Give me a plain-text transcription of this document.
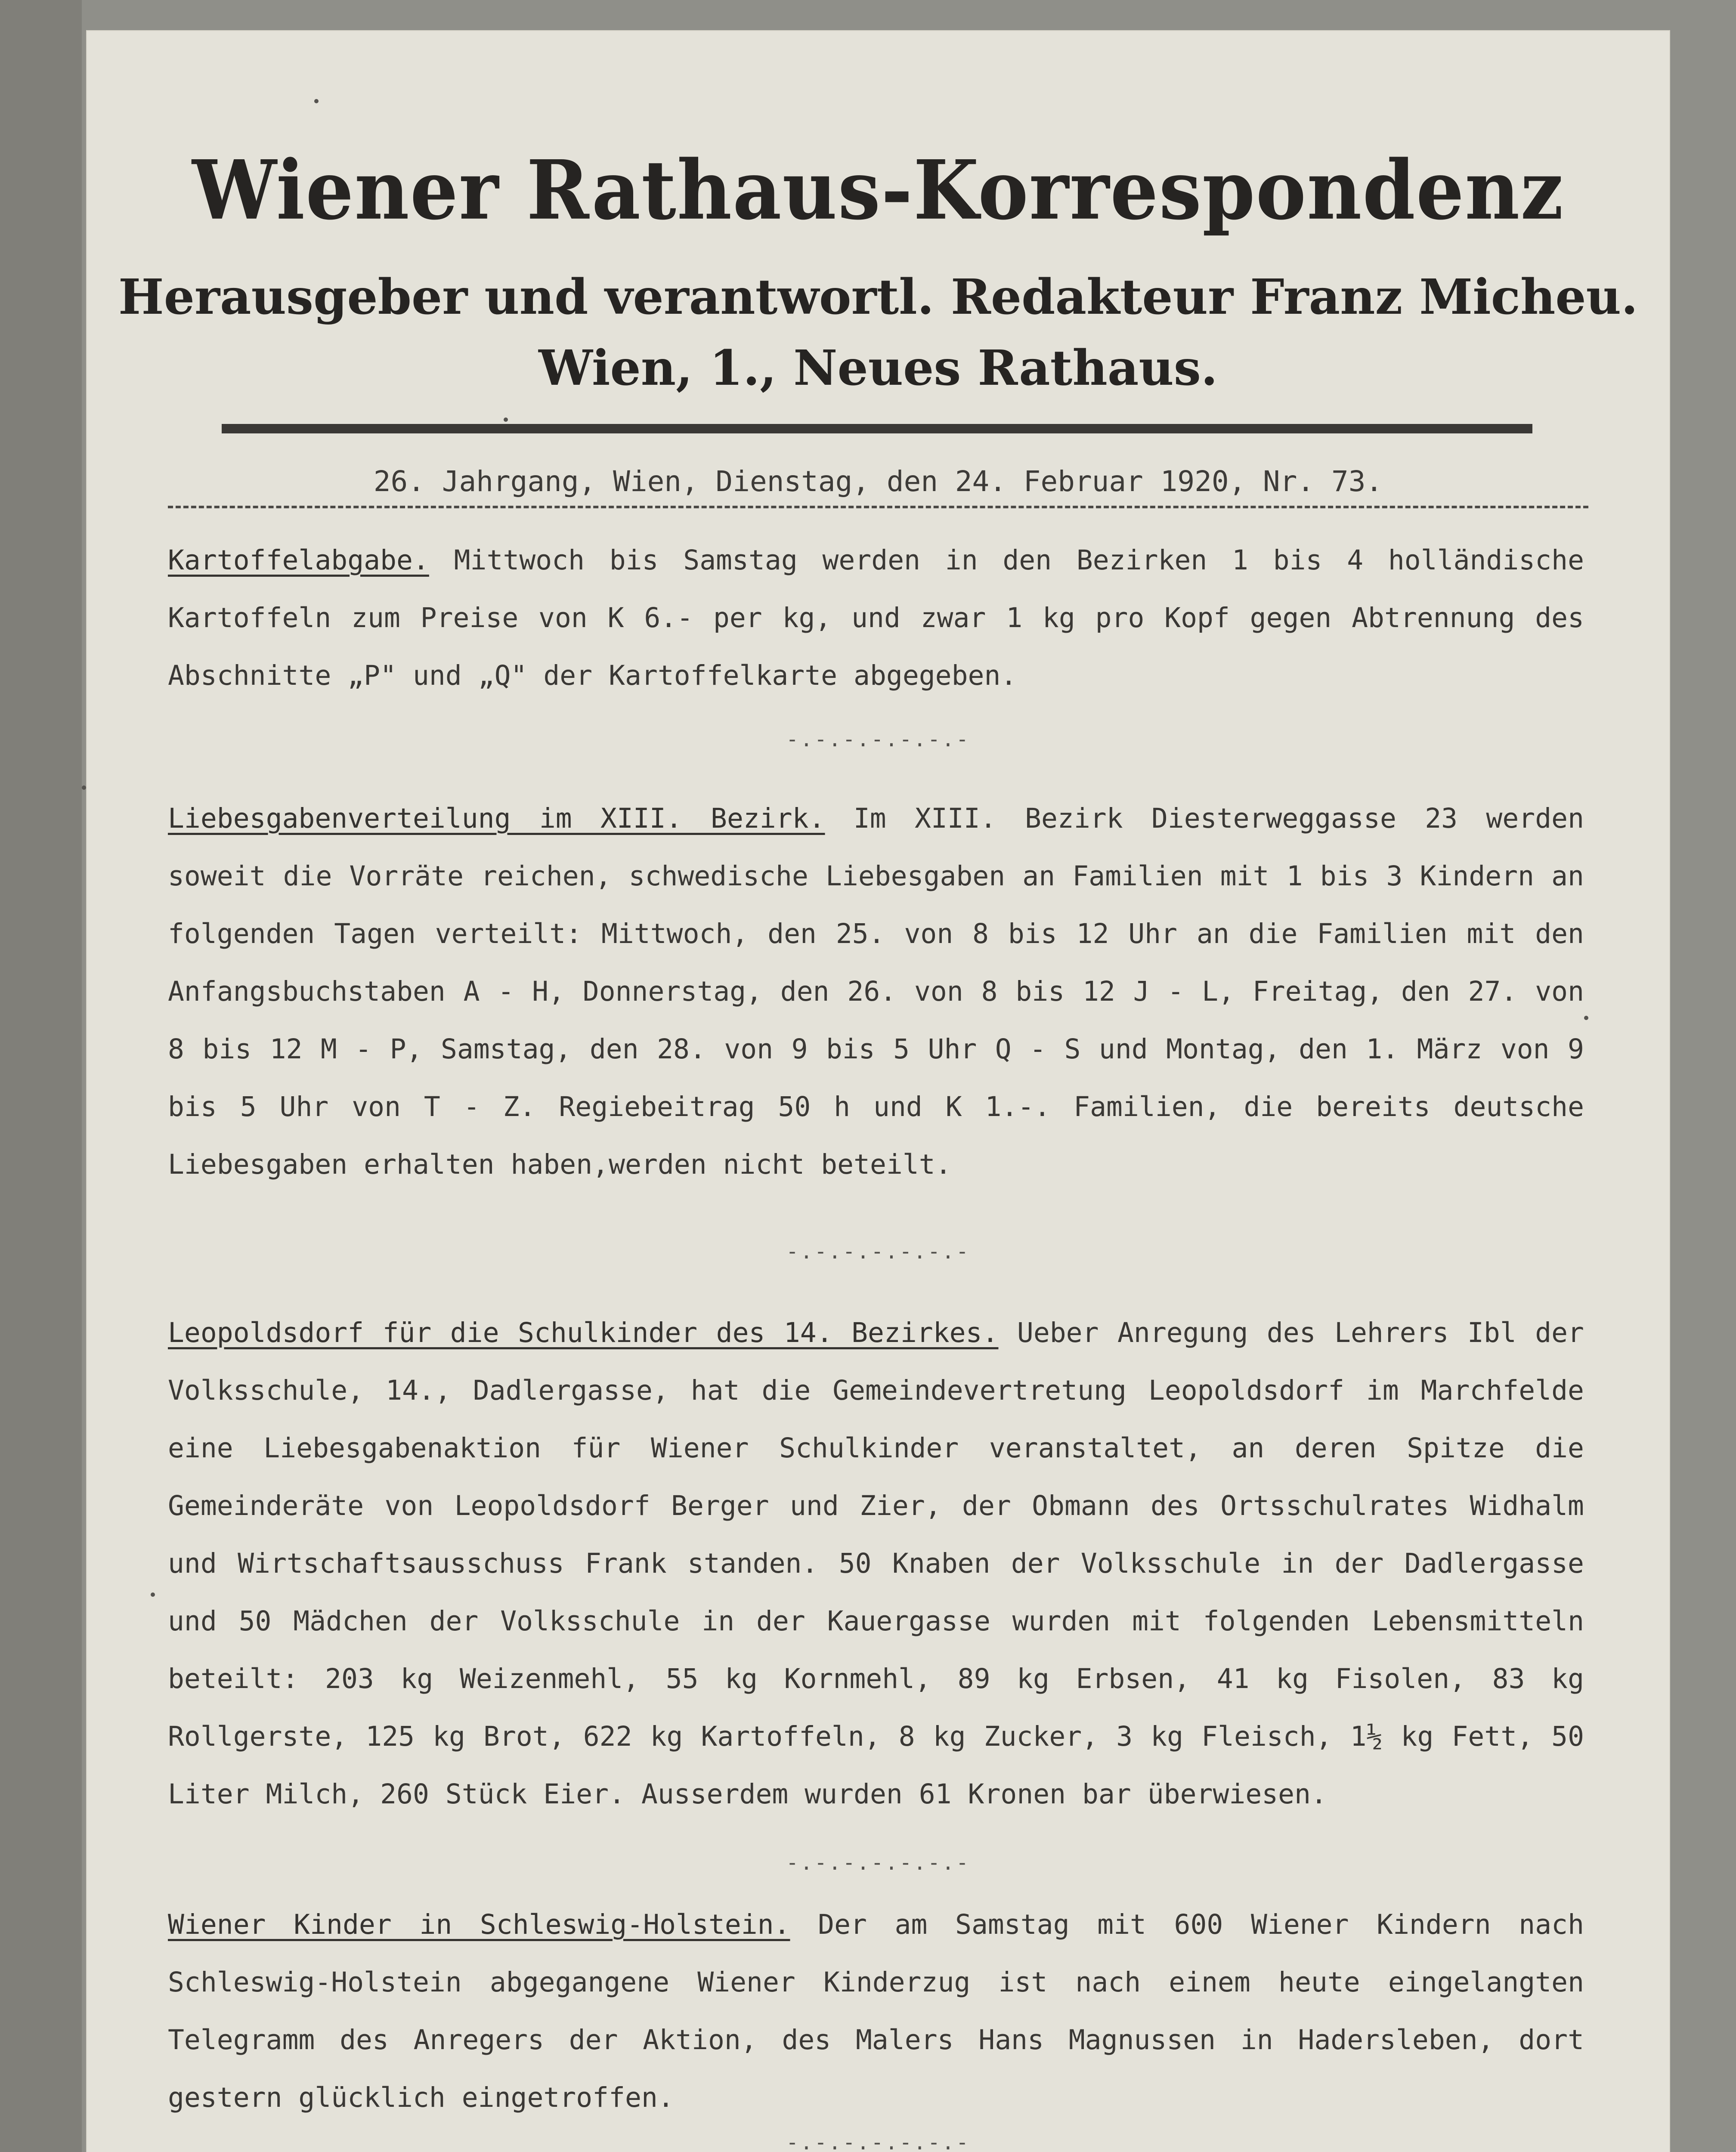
Wiener Rathaus-Korrespondenz
Herausgeber und verantwortl. Redakteur Franz Micheu.
Wien, 1., Neues Rathaus.
26. Jahrgang, Wien, Dienstag, den 24. Februar 1920, Nr. 73.

Kartoffelabgabe. Mittwoch bis Samstag werden in den Bezirken 1 bis 4 holländische Kartoffeln zum Preise von K 6.- per kg, und zwar 1 kg pro Kopf gegen Abtrennung des Abschnitte „P" und „Q" der Kartoffelkarte abgegeben.

-.-.-.-.-.-.-

Liebesgabenverteilung im XIII. Bezirk. Im XIII. Bezirk Diesterweggasse 23 werden soweit die Vorräte reichen, schwedische Liebesgaben an Familien mit 1 bis 3 Kindern an folgenden Tagen verteilt: Mittwoch, den 25. von 8 bis 12 Uhr an die Familien mit den Anfangsbuchstaben A - H, Donnerstag, den 26. von 8 bis 12 J - L, Freitag, den 27. von 8 bis 12 M - P, Samstag, den 28. von 9 bis 5 Uhr Q - S und Montag, den 1. März von 9 bis 5 Uhr von T - Z. Regiebeitrag 50 h und K 1.-. Familien, die bereits deutsche Liebesgaben erhalten haben,werden nicht beteilt.

-.-.-.-.-.-.-

Leopoldsdorf für die Schulkinder des 14. Bezirkes. Ueber Anregung des Lehrers Ibl der Volksschule, 14., Dadlergasse, hat die Gemeindevertretung Leopoldsdorf im Marchfelde eine Liebesgabenaktion für Wiener Schulkinder veranstaltet, an deren Spitze die Gemeinderäte von Leopoldsdorf Berger und Zier, der Obmann des Ortsschulrates Widhalm und Wirtschaftsausschuss Frank standen. 50 Knaben der Volksschule in der Dadlergasse und 50 Mädchen der Volksschule in der Kauergasse wurden mit folgenden Lebensmitteln beteilt: 203 kg Weizenmehl, 55 kg Kornmehl, 89 kg Erbsen, 41 kg Fisolen, 83 kg Rollgerste, 125 kg Brot, 622 kg Kartoffeln, 8 kg Zucker, 3 kg Fleisch, 1½ kg Fett, 50 Liter Milch, 260 Stück Eier. Ausserdem wurden 61 Kronen bar überwiesen.

-.-.-.-.-.-.-

Wiener Kinder in Schleswig-Holstein. Der am Samstag mit 600 Wiener Kindern nach Schleswig-Holstein abgegangene Wiener Kinderzug ist nach einem heute eingelangten Telegramm des Anregers der Aktion, des Malers Hans Magnussen in Hadersleben, dort gestern glücklich eingetroffen.

-.-.-.-.-.-.-
